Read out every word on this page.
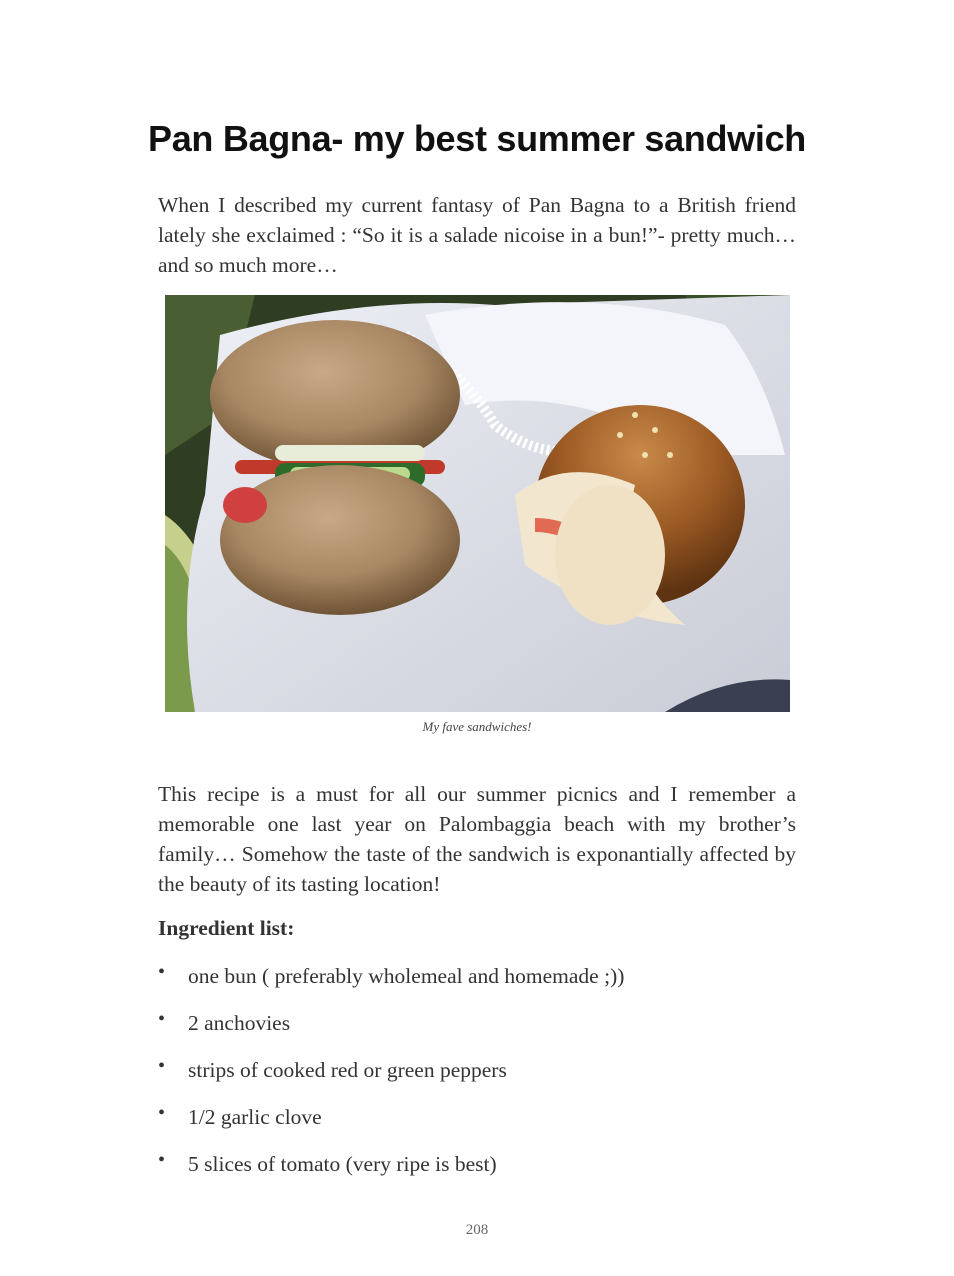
Pan Bagna- my best summer sandwich

When I described my current fantasy of Pan Bagna to a British friend lately she exclaimed : “So it is a salade nicoise in a bun!”- pretty much… and so much more…

My fave sandwiches!

This recipe is a must for all our summer picnics and I remember a memorable one last year on Palombaggia beach with my brother’s family… Somehow the taste of the sandwich is exponantially affected by the beauty of its tasting location!

Ingredient list:

• one bun ( preferably wholemeal and homemade ;))
• 2 anchovies
• strips of cooked red or green peppers
• 1/2 garlic clove
• 5 slices of tomato (very ripe is best)
208
